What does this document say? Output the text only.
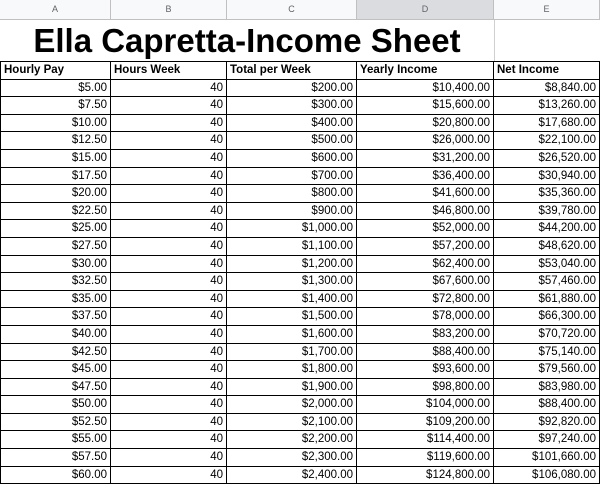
A	B	C	D	E
Ella Capretta-Income Sheet
Hourly Pay	Hours Week	Total per Week	Yearly Income	Net Income
$5.00	40	$200.00	$10,400.00	$8,840.00
$7.50	40	$300.00	$15,600.00	$13,260.00
$10.00	40	$400.00	$20,800.00	$17,680.00
$12.50	40	$500.00	$26,000.00	$22,100.00
$15.00	40	$600.00	$31,200.00	$26,520.00
$17.50	40	$700.00	$36,400.00	$30,940.00
$20.00	40	$800.00	$41,600.00	$35,360.00
$22.50	40	$900.00	$46,800.00	$39,780.00
$25.00	40	$1,000.00	$52,000.00	$44,200.00
$27.50	40	$1,100.00	$57,200.00	$48,620.00
$30.00	40	$1,200.00	$62,400.00	$53,040.00
$32.50	40	$1,300.00	$67,600.00	$57,460.00
$35.00	40	$1,400.00	$72,800.00	$61,880.00
$37.50	40	$1,500.00	$78,000.00	$66,300.00
$40.00	40	$1,600.00	$83,200.00	$70,720.00
$42.50	40	$1,700.00	$88,400.00	$75,140.00
$45.00	40	$1,800.00	$93,600.00	$79,560.00
$47.50	40	$1,900.00	$98,800.00	$83,980.00
$50.00	40	$2,000.00	$104,000.00	$88,400.00
$52.50	40	$2,100.00	$109,200.00	$92,820.00
$55.00	40	$2,200.00	$114,400.00	$97,240.00
$57.50	40	$2,300.00	$119,600.00	$101,660.00
$60.00	40	$2,400.00	$124,800.00	$106,080.00
